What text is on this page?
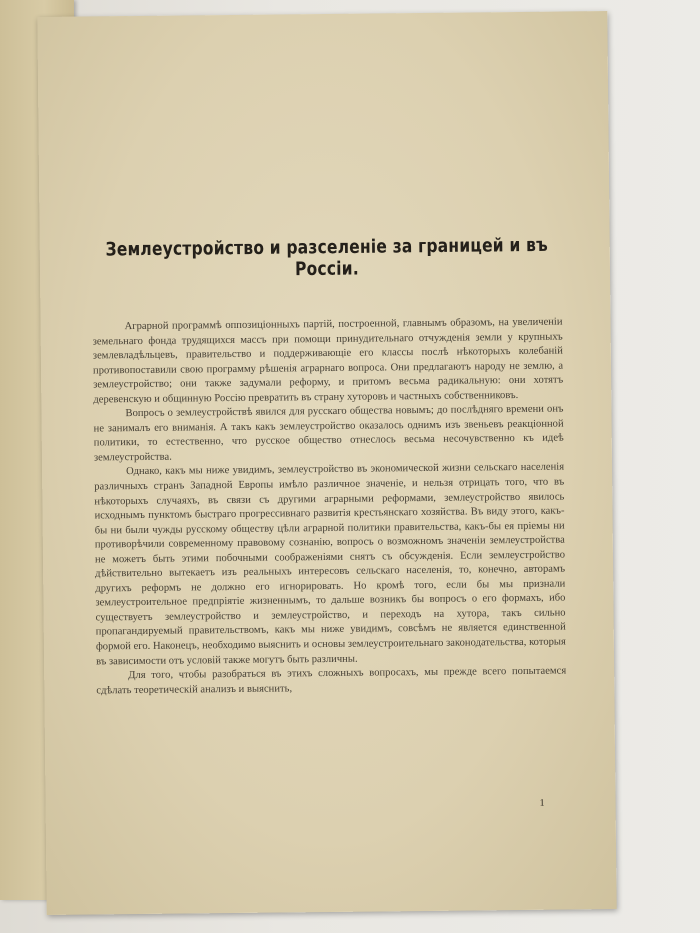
Землеустройство и разселеніе за границей и въ Россіи.

Аграрной программѣ оппозиціонныхъ партій, построенной, главнымъ образомъ, на увеличеніи земельнаго фонда трудящихся массъ при помощи принудительнаго отчужденія земли у крупныхъ землевладѣльцевъ, правительство и поддерживающіе его классы послѣ нѣкоторыхъ колебаній противопоставили свою программу рѣшенія аграрнаго вопроса. Они предлагаютъ народу не землю, а землеустройство; они также задумали реформу, и притомъ весьма радикальную: они хотятъ деревенскую и общинную Россію превратить въ страну хуторовъ и частныхъ собственниковъ.

Вопросъ о землеустройствѣ явился для русскаго общества новымъ; до послѣдняго времени онъ не занималъ его вниманія. А такъ какъ землеустройство оказалось однимъ изъ звеньевъ реакціонной политики, то естественно, что русское общество отнеслось весьма несочувственно къ идеѣ землеустройства.

Однако, какъ мы ниже увидимъ, землеустройство въ экономической жизни сельскаго населенія различныхъ странъ Западной Европы имѣло различное значеніе, и нельзя отрицать того, что въ нѣкоторыхъ случаяхъ, въ связи съ другими аграрными реформами, землеустройство явилось исходнымъ пунктомъ быстраго прогрессивнаго развитія крестьянскаго хозяйства. Въ виду этого, какъ-бы ни были чужды русскому обществу цѣли аграрной политики правительства, какъ-бы ея пріемы ни противорѣчили современному правовому сознанію, вопросъ о возможномъ значеніи землеустройства не можетъ быть этими побочными соображеніями снятъ съ обсужденія. Если землеустройство дѣйствительно вытекаетъ изъ реальныхъ интересовъ сельскаго населенія, то, конечно, авторамъ другихъ реформъ не должно его игнорировать. Но кромѣ того, если бы мы признали землеустроительное предпріятіе жизненнымъ, то дальше возникъ бы вопросъ о его формахъ, ибо существуетъ землеустройство и землеустройство, и переходъ на хутора, такъ сильно пропагандируемый правительствомъ, какъ мы ниже увидимъ, совсѣмъ не является единственной формой его. Наконецъ, необходимо выяснить и основы землеустроительнаго законодательства, которыя въ зависимости отъ условій также могутъ быть различны.

Для того, чтобы разобраться въ этихъ сложныхъ вопросахъ, мы прежде всего попытаемся сдѣлать теоретическій анализъ и выяснить,

1
